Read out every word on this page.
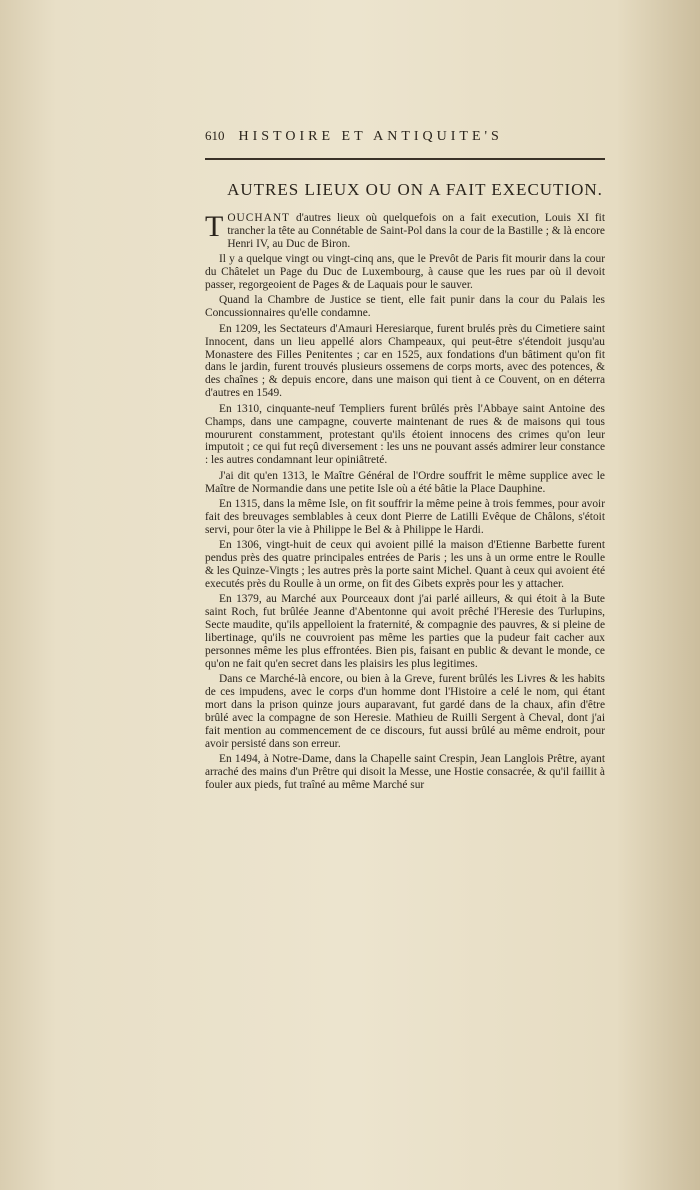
610 HISTOIRE ET ANTIQUITE'S
AUTRES LIEUX OU ON A FAIT EXECUTION.

TOUCHANT d'autres lieux où quelquefois on a fait execution, Louis XI fit trancher la tête au Connétable de Saint-Pol dans la cour de la Bastille ; & là encore Henri IV, au Duc de Biron.

Il y a quelque vingt ou vingt-cinq ans, que le Prevôt de Paris fit mourir dans la cour du Châtelet un Page du Duc de Luxembourg, à cause que les rues par où il devoit passer, regorgeoient de Pages & de Laquais pour le sauver.

Quand la Chambre de Justice se tient, elle fait punir dans la cour du Palais les Concussionnaires qu'elle condamne.

En 1209, les Sectateurs d'Amauri Heresiarque, furent brulés près du Cimetiere saint Innocent, dans un lieu appellé alors Champeaux, qui peut-être s'étendoit jusqu'au Monastere des Filles Penitentes ; car en 1525, aux fondations d'un bâtiment qu'on fit dans le jardin, furent trouvés plusieurs ossemens de corps morts, avec des potences, & des chaînes ; & depuis encore, dans une maison qui tient à ce Couvent, on en déterra d'autres en 1549.

En 1310, cinquante-neuf Templiers furent brûlés près l'Abbaye saint Antoine des Champs, dans une campagne, couverte maintenant de rues & de maisons qui tous moururent constamment, protestant qu'ils étoient innocens des crimes qu'on leur imputoit ; ce qui fut reçû diversement : les uns ne pouvant assés admirer leur constance : les autres condamnant leur opiniâtreté.

J'ai dit qu'en 1313, le Maître Général de l'Ordre souffrit le même supplice avec le Maître de Normandie dans une petite Isle où a été bâtie la Place Dauphine.

En 1315, dans la même Isle, on fit souffrir la même peine à trois femmes, pour avoir fait des breuvages semblables à ceux dont Pierre de Latilli Evêque de Châlons, s'étoit servi, pour ôter la vie à Philippe le Bel & à Philippe le Hardi.

En 1306, vingt-huit de ceux qui avoient pillé la maison d'Etienne Barbette furent pendus près des quatre principales entrées de Paris ; les uns à un orme entre le Roulle & les Quinze-Vingts ; les autres près la porte saint Michel. Quant à ceux qui avoient été executés près du Roulle à un orme, on fit des Gibets exprès pour les y attacher.

En 1379, au Marché aux Pourceaux dont j'ai parlé ailleurs, & qui étoit à la Bute saint Roch, fut brûlée Jeanne d'Abentonne qui avoit prêché l'Heresie des Turlupins, Secte maudite, qu'ils appelloient la fraternité, & compagnie des pauvres, & si pleine de libertinage, qu'ils ne couvroient pas même les parties que la pudeur fait cacher aux personnes même les plus effrontées. Bien pis, faisant en public & devant le monde, ce qu'on ne fait qu'en secret dans les plaisirs les plus legitimes.

Dans ce Marché-là encore, ou bien à la Greve, furent brûlés les Livres & les habits de ces impudens, avec le corps d'un homme dont l'Histoire a celé le nom, qui étant mort dans la prison quinze jours auparavant, fut gardé dans de la chaux, afin d'être brûlé avec la compagne de son Heresie. Mathieu de Ruilli Sergent à Cheval, dont j'ai fait mention au commencement de ce discours, fut aussi brûlé au même endroit, pour avoir persisté dans son erreur.

En 1494, à Notre-Dame, dans la Chapelle saint Crespin, Jean Langlois Prêtre, ayant arraché des mains d'un Prêtre qui disoit la Messe, une Hostie consacrée, & qu'il faillit à fouler aux pieds, fut traîné au même Marché sur
